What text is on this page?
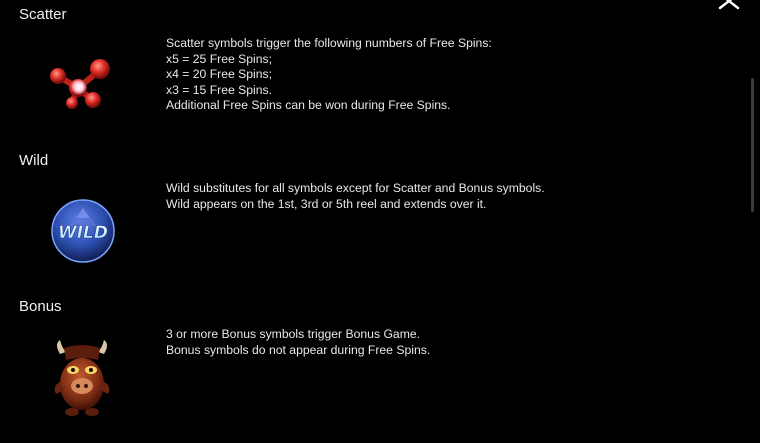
Scatter
Scatter symbols trigger the following numbers of Free Spins:
x5 = 25 Free Spins;
x4 = 20 Free Spins;
x3 = 15 Free Spins.
Additional Free Spins can be won during Free Spins.
Wild
WILD
Wild substitutes for all symbols except for Scatter and Bonus symbols.
Wild appears on the 1st, 3rd or 5th reel and extends over it.
Bonus
3 or more Bonus symbols trigger Bonus Game.
Bonus symbols do not appear during Free Spins.
